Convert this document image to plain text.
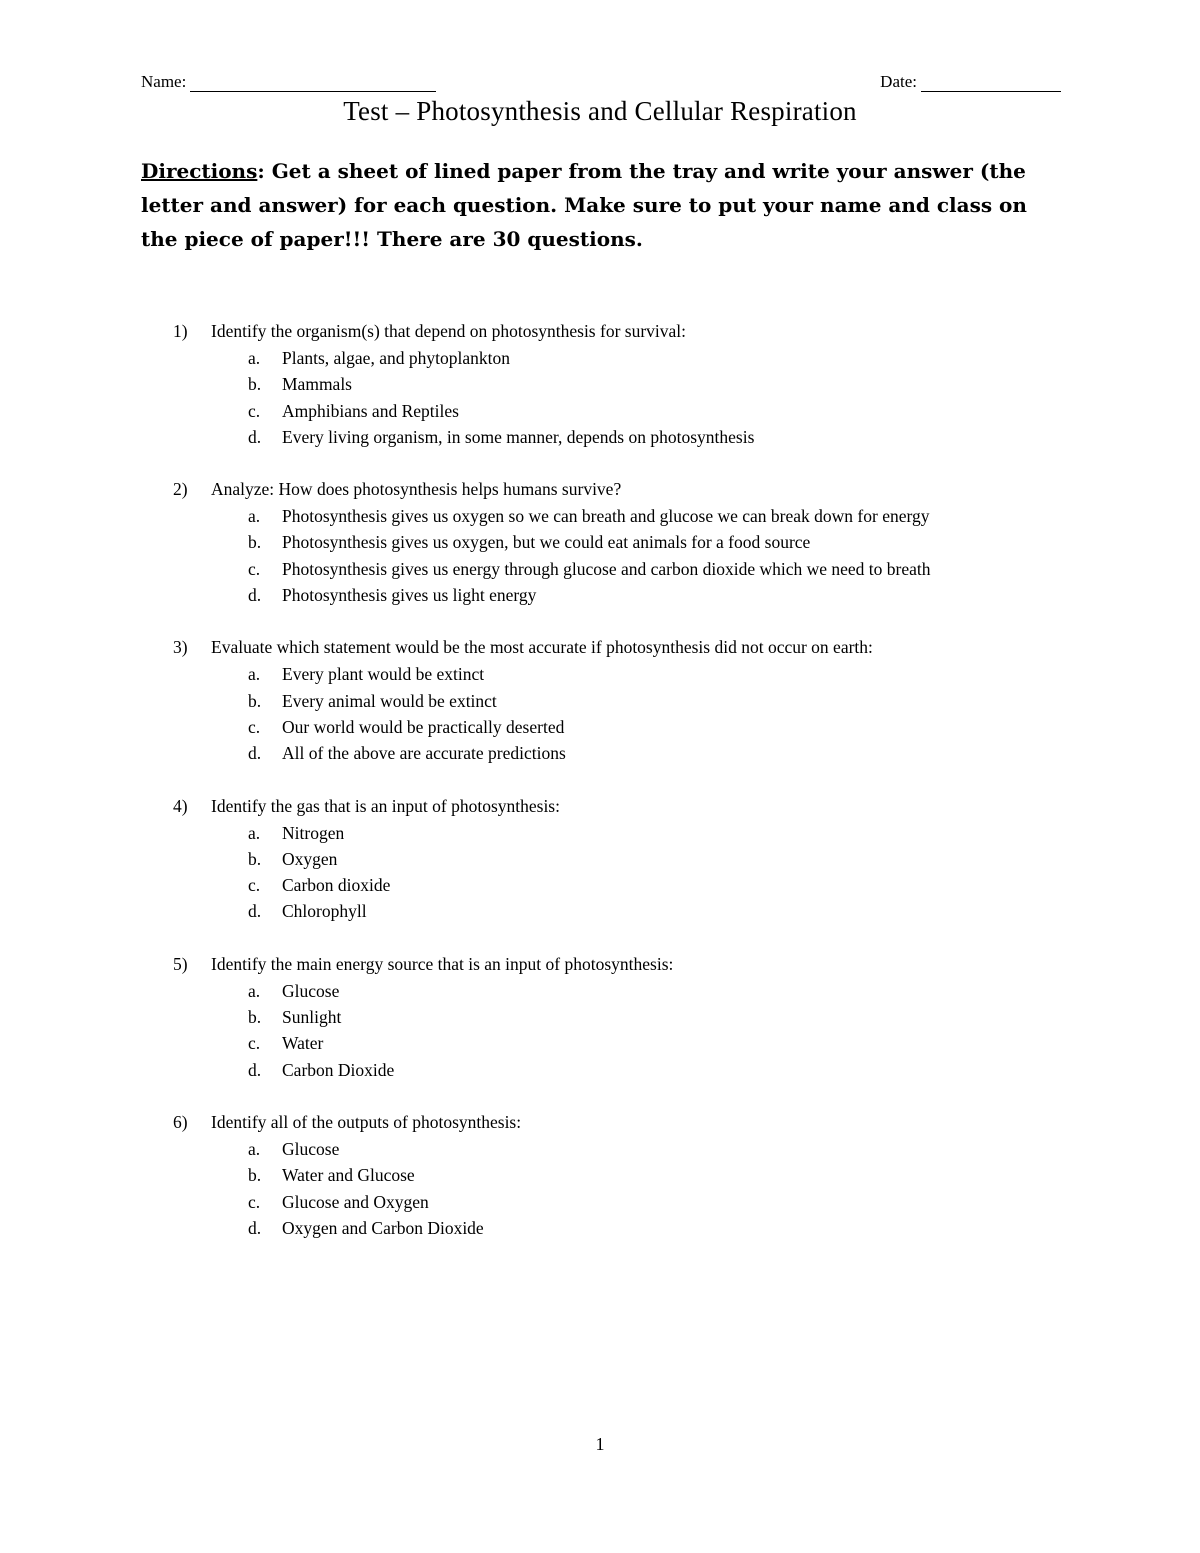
Name:	Date:
Test – Photosynthesis and Cellular Respiration
Directions: Get a sheet of lined paper from the tray and write your answer (the letter and answer) for each question. Make sure to put your name and class on the piece of paper!!! There are 30 questions.
1)	Identify the organism(s) that depend on photosynthesis for survival:
a.	Plants, algae, and phytoplankton
b.	Mammals
c.	Amphibians and Reptiles
d.	Every living organism, in some manner, depends on photosynthesis
2)	Analyze: How does photosynthesis helps humans survive?
a.	Photosynthesis gives us oxygen so we can breath and glucose we can break down for energy
b.	Photosynthesis gives us oxygen, but we could eat animals for a food source
c.	Photosynthesis gives us energy through glucose and carbon dioxide which we need to breath
d.	Photosynthesis gives us light energy
3)	Evaluate which statement would be the most accurate if photosynthesis did not occur on earth:
a.	Every plant would be extinct
b.	Every animal would be extinct
c.	Our world would be practically deserted
d.	All of the above are accurate predictions
4)	Identify the gas that is an input of photosynthesis:
a.	Nitrogen
b.	Oxygen
c.	Carbon dioxide
d.	Chlorophyll
5)	Identify the main energy source that is an input of photosynthesis:
a.	Glucose
b.	Sunlight
c.	Water
d.	Carbon Dioxide
6)	Identify all of the outputs of photosynthesis:
a.	Glucose
b.	Water and Glucose
c.	Glucose and Oxygen
d.	Oxygen and Carbon Dioxide
1
